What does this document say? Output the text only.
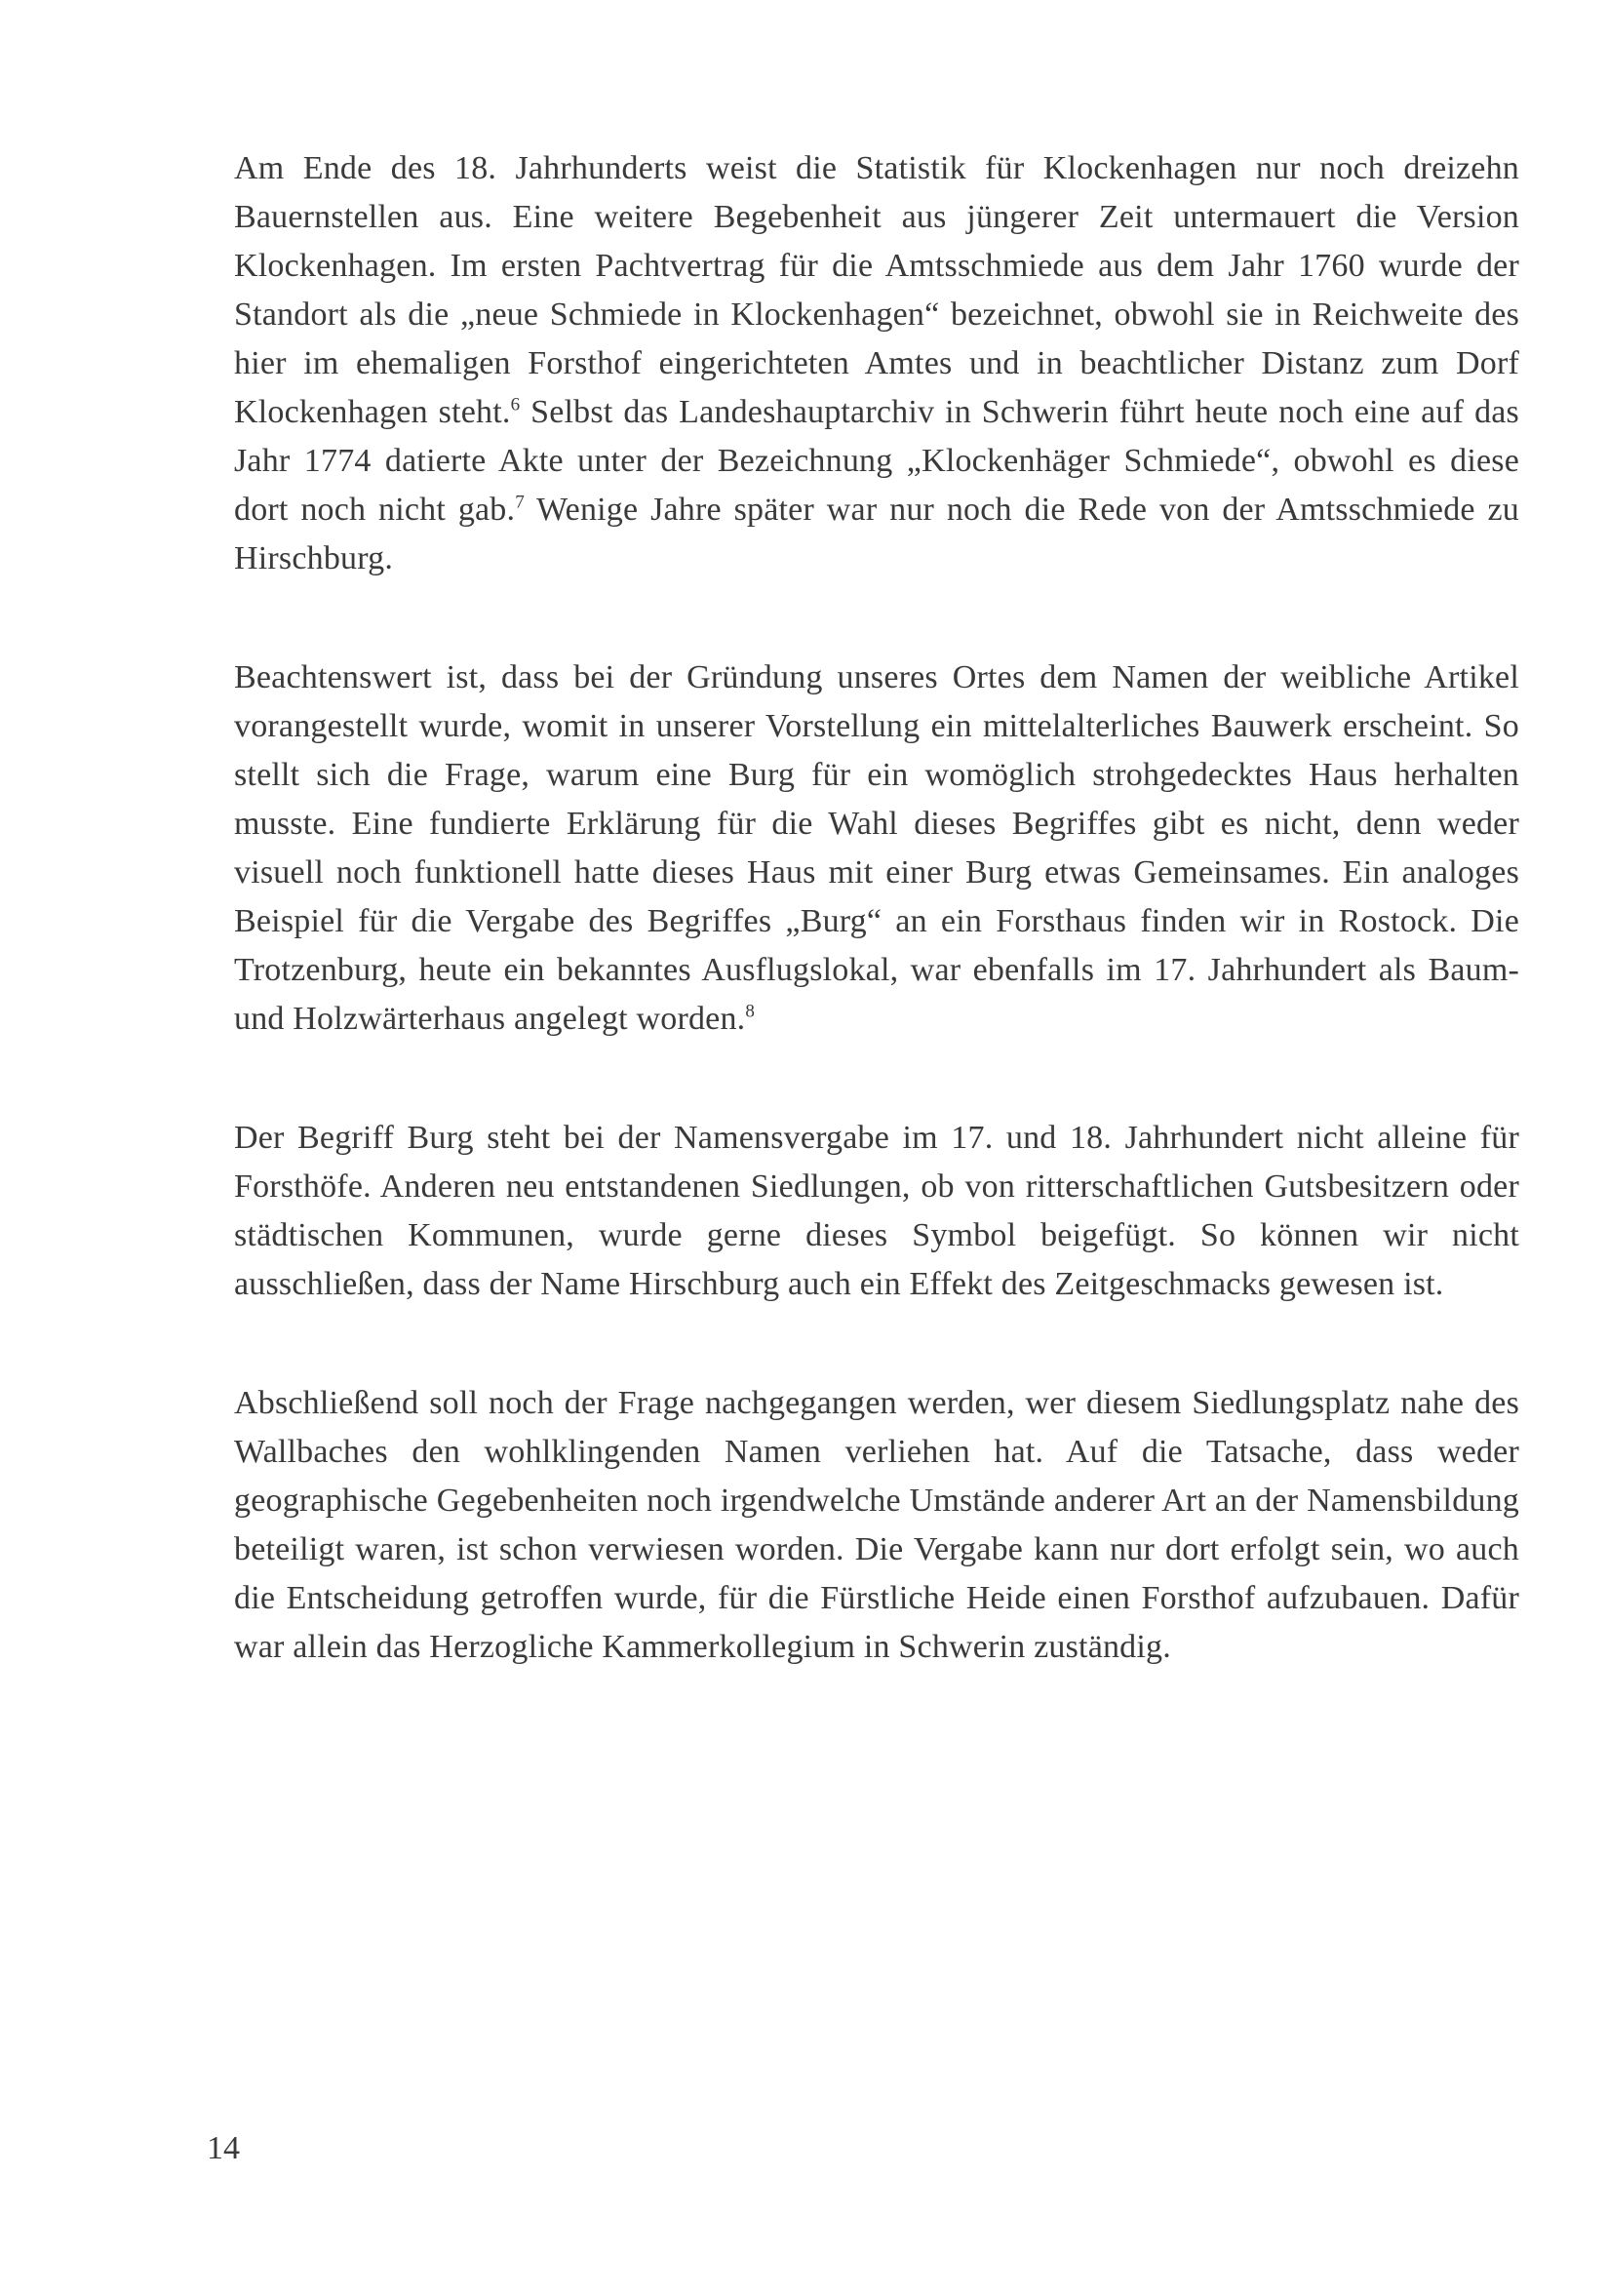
Am Ende des 18. Jahrhunderts weist die Statistik für Klockenhagen nur noch dreizehn Bauernstellen aus. Eine weitere Begebenheit aus jüngerer Zeit untermauert die Version Klockenhagen. Im ersten Pachtvertrag für die Amtsschmiede aus dem Jahr 1760 wurde der Standort als die „neue Schmiede in Klockenhagen“ bezeichnet, obwohl sie in Reichweite des hier im ehemaligen Forsthof eingerichteten Amtes und in beachtlicher Distanz zum Dorf Klockenhagen steht.$^6$ Selbst das Landeshauptarchiv in Schwerin führt heute noch eine auf das Jahr 1774 datierte Akte unter der Bezeichnung „Klockenhäger Schmiede“, obwohl es diese dort noch nicht gab.$^7$ Wenige Jahre später war nur noch die Rede von der Amtsschmiede zu Hirschburg.

Beachtenswert ist, dass bei der Gründung unseres Ortes dem Namen der weibliche Artikel vorangestellt wurde, womit in unserer Vorstellung ein mittelalterliches Bauwerk erscheint. So stellt sich die Frage, warum eine Burg für ein womöglich strohgedecktes Haus herhalten musste. Eine fundierte Erklärung für die Wahl dieses Begriffes gibt es nicht, denn weder visuell noch funktionell hatte dieses Haus mit einer Burg etwas Gemeinsames. Ein analoges Beispiel für die Vergabe des Begriffes „Burg“ an ein Forsthaus finden wir in Rostock. Die Trotzenburg, heute ein bekanntes Ausflugslokal, war ebenfalls im 17. Jahrhundert als Baum- und Holzwärterhaus angelegt worden.$^8$

Der Begriff Burg steht bei der Namensvergabe im 17. und 18. Jahrhundert nicht alleine für Forsthöfe. Anderen neu entstandenen Siedlungen, ob von ritterschaftlichen Gutsbesitzern oder städtischen Kommunen, wurde gerne dieses Symbol beigefügt. So können wir nicht ausschließen, dass der Name Hirschburg auch ein Effekt des Zeitgeschmacks gewesen ist.

Abschließend soll noch der Frage nachgegangen werden, wer diesem Siedlungsplatz nahe des Wallbaches den wohlklingenden Namen verliehen hat. Auf die Tatsache, dass weder geographische Gegebenheiten noch irgendwelche Umstände anderer Art an der Namensbildung beteiligt waren, ist schon verwiesen worden. Die Vergabe kann nur dort erfolgt sein, wo auch die Entscheidung getroffen wurde, für die Fürstliche Heide einen Forsthof aufzubauen. Dafür war allein das Herzogliche Kammerkollegium in Schwerin zuständig.

14
